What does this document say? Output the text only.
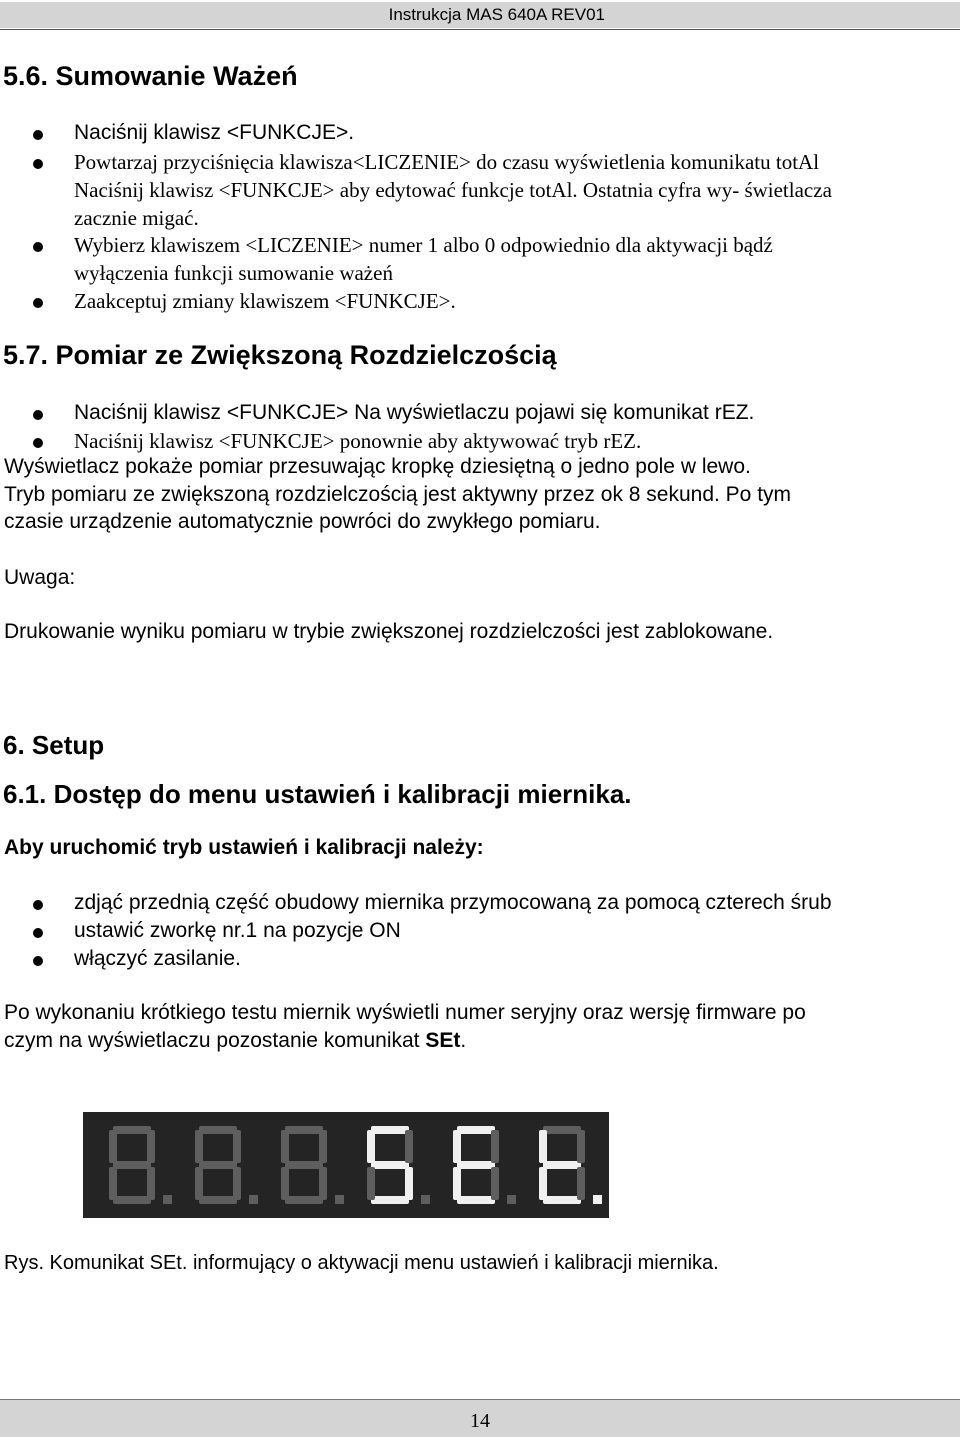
Instrukcja MAS 640A REV01
5.6. Sumowanie Ważeń
Naciśnij klawisz <FUNKCJE>.
Powtarzaj przyciśnięcia klawisza<LICZENIE> do czasu wyświetlenia komunikatu totAl
Naciśnij klawisz <FUNKCJE> aby edytować funkcje totAl. Ostatnia cyfra wy- świetlacza
zacznie migać.
Wybierz klawiszem <LICZENIE> numer 1 albo 0 odpowiednio dla aktywacji bądź
wyłączenia funkcji sumowanie ważeń
Zaakceptuj zmiany klawiszem <FUNKCJE>.
5.7. Pomiar ze Zwiększoną Rozdzielczością
Naciśnij klawisz <FUNKCJE> Na wyświetlaczu pojawi się komunikat rEZ.
Naciśnij klawisz <FUNKCJE> ponownie aby aktywować tryb rEZ.
Wyświetlacz pokaże pomiar przesuwając kropkę dziesiętną o jedno pole w lewo.
Tryb pomiaru ze zwiększoną rozdzielczością jest aktywny przez ok 8 sekund. Po tym
czasie urządzenie automatycznie powróci do zwykłego pomiaru.
Uwaga:
Drukowanie wyniku pomiaru w trybie zwiększonej rozdzielczości jest zablokowane.
6. Setup
6.1. Dostęp do menu ustawień i kalibracji miernika.
Aby uruchomić tryb ustawień i kalibracji należy:
zdjąć przednią część obudowy miernika przymocowaną za pomocą czterech śrub
ustawić zworkę nr.1 na pozycje ON
włączyć zasilanie.
Po wykonaniu krótkiego testu miernik wyświetli numer seryjny oraz wersję firmware po
czym na wyświetlaczu pozostanie komunikat SEt.
Rys. Komunikat SEt. informujący o aktywacji menu ustawień i kalibracji miernika.
14
